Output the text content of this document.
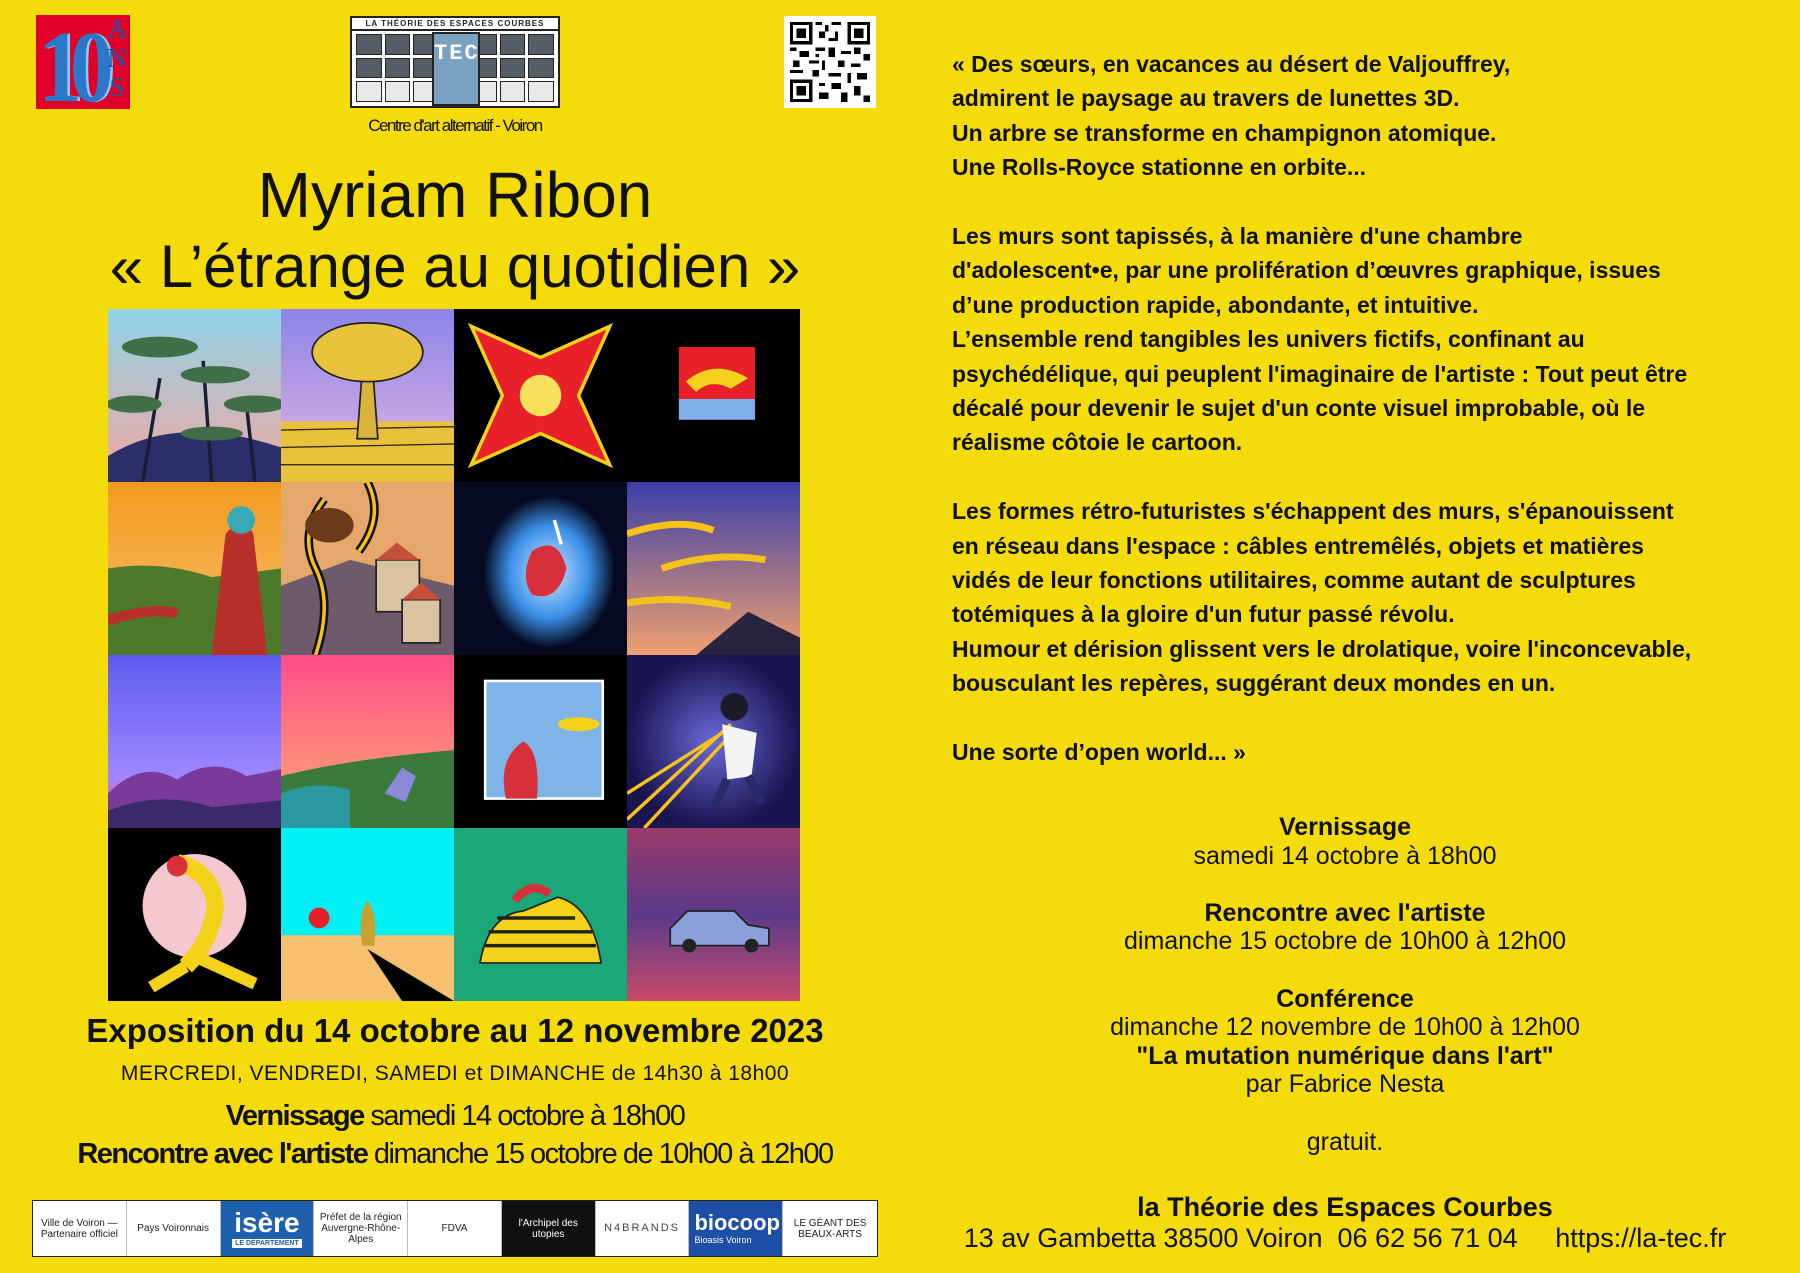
10 A
N
S
LA THÉORIE DES ESPACES COURBES
TEC
Centre d'art alternatif - Voiron
Myriam Ribon
« L’étrange au quotidien »
Exposition du 14 octobre au 12 novembre 2023
MERCREDI, VENDREDI, SAMEDI et DIMANCHE de 14h30 à 18h00
Vernissage samedi 14 octobre à 18h00
Rencontre avec l'artiste dimanche 15 octobre de 10h00 à 12h00
Ville de Voiron — Partenaire officiel	Pays Voironnais isère
LE DÉPARTEMENT
Préfet de la région Auvergne-Rhône-Alpes
FDVA	l'Archipel des utopies	N4BRANDS biocoop
Bioasis Voiron
LE GÉANT DES BEAUX-ARTS

« Des sœurs, en vacances au désert de Valjouffrey,
admirent le paysage au travers de lunettes 3D.
Un arbre se transforme en champignon atomique.
Une Rolls-Royce stationne en orbite...

Les murs sont tapissés, à la manière d'une chambre
d'adolescent•e, par une prolifération d’œuvres graphique, issues
d’une production rapide, abondante, et intuitive.
L’ensemble rend tangibles les univers fictifs, confinant au
psychédélique, qui peuplent l'imaginaire de l'artiste : Tout peut être
décalé pour devenir le sujet d'un conte visuel improbable, où le
réalisme côtoie le cartoon.

Les formes rétro-futuristes s'échappent des murs, s'épanouissent
en réseau dans l'espace : câbles entremêlés, objets et matières
vidés de leur fonctions utilitaires, comme autant de sculptures
totémiques à la gloire d'un futur passé révolu.
Humour et dérision glissent vers le drolatique, voire l'inconcevable,
bousculant les repères, suggérant deux mondes en un.

Une sorte d’open world... »

Vernissage
samedi 14 octobre à 18h00
Rencontre avec l'artiste
dimanche 15 octobre de 10h00 à 12h00
Conférence
dimanche 12 novembre de 10h00 à 12h00
"La mutation numérique dans l'art"
par Fabrice Nesta
gratuit.
la Théorie des Espaces Courbes
13 av Gambetta 38500 Voiron 06 62 56 71 04 https://la-tec.fr
